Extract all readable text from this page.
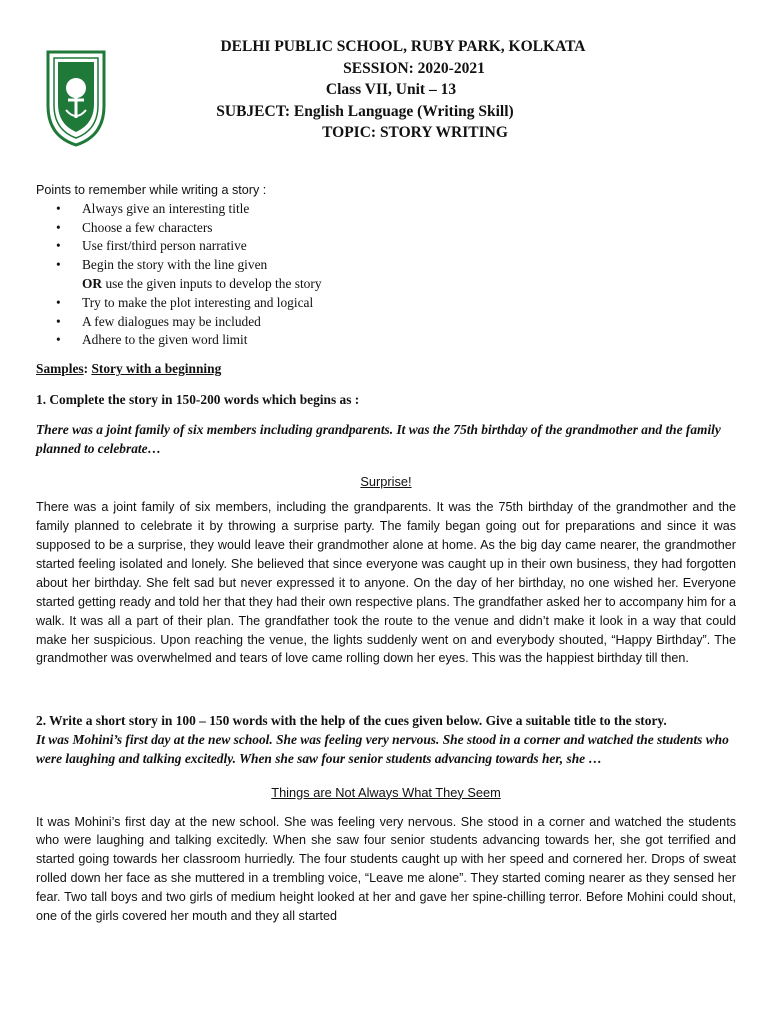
DELHI PUBLIC SCHOOL, RUBY PARK, KOLKATA
SESSION: 2020-2021
Class VII, Unit – 13
SUBJECT: English Language (Writing Skill)
TOPIC: STORY WRITING

Points to remember while writing a story :

• Always give an interesting title
• Choose a few characters
• Use first/third person narrative
• Begin the story with the line given
OR use the given inputs to develop the story
• Try to make the plot interesting and logical
• A few dialogues may be included
• Adhere to the given word limit

Samples: Story with a beginning

1. Complete the story in 150-200 words which begins as :

There was a joint family of six members including grandparents. It was the 75th birthday of the grandmother and the family planned to celebrate…

Surprise!

There was a joint family of six members, including the grandparents. It was the 75th birthday of the grandmother and the family planned to celebrate it by throwing a surprise party. The family began going out for preparations and since it was supposed to be a surprise, they would leave their grandmother alone at home. As the big day came nearer, the grandmother started feeling isolated and lonely. She believed that since everyone was caught up in their own business, they had forgotten about her birthday. She felt sad but never expressed it to anyone. On the day of her birthday, no one wished her. Everyone started getting ready and told her that they had their own respective plans. The grandfather asked her to accompany him for a walk. It was all a part of their plan. The grandfather took the route to the venue and didn’t make it look in a way that could make her suspicious. Upon reaching the venue, the lights suddenly went on and everybody shouted, “Happy Birthday”. The grandmother was overwhelmed and tears of love came rolling down her eyes. This was the happiest birthday till then.

2. Write a short story in 100 – 150 words with the help of the cues given below. Give a suitable title to the story.

It was Mohini’s first day at the new school. She was feeling very nervous. She stood in a corner and watched the students who were laughing and talking excitedly. When she saw four senior students advancing towards her, she …

Things are Not Always What They Seem

It was Mohini’s first day at the new school. She was feeling very nervous. She stood in a corner and watched the students who were laughing and talking excitedly. When she saw four senior students advancing towards her, she got terrified and started going towards her classroom hurriedly. The four students caught up with her speed and cornered her. Drops of sweat rolled down her face as she muttered in a trembling voice, “Leave me alone”. They started coming nearer as they sensed her fear. Two tall boys and two girls of medium height looked at her and gave her spine-chilling terror. Before Mohini could shout, one of the girls covered her mouth and they all started
